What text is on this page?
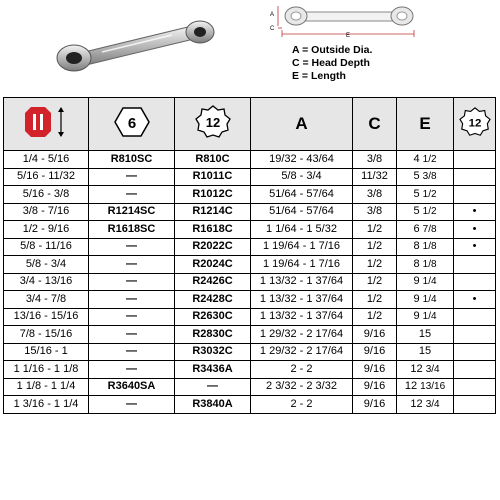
A
C
E
A = Outside Dia.
C = Head Depth
E = Length

6	12	A	C	E	12

1/4 - 5/16	R810SC	R810C	19/32 - 43/64	3/8	4 1/2	
5/16 - 11/32	—	R1011C	5/8 - 3/4	11/32	5 3/8	
5/16 - 3/8	—	R1012C	51/64 - 57/64	3/8	5 1/2	
3/8 - 7/16	R1214SC	R1214C	51/64 - 57/64	3/8	5 1/2	•
1/2 - 9/16	R1618SC	R1618C	1 1/64 - 1 5/32	1/2	6 7/8	•
5/8 - 11/16	—	R2022C	1 19/64 - 1 7/16	1/2	8 1/8	•
5/8 - 3/4	—	R2024C	1 19/64 - 1 7/16	1/2	8 1/8	
3/4 - 13/16	—	R2426C	1 13/32 - 1 37/64	1/2	9 1/4	
3/4 - 7/8	—	R2428C	1 13/32 - 1 37/64	1/2	9 1/4	•
13/16 - 15/16	—	R2630C	1 13/32 - 1 37/64	1/2	9 1/4	
7/8 - 15/16	—	R2830C	1 29/32 - 2 17/64	9/16	15	
15/16 - 1	—	R3032C	1 29/32 - 2 17/64	9/16	15	
1 1/16 - 1 1/8	—	R3436A	2 - 2	9/16	12 3/4	
1 1/8 - 1 1/4	R3640SA	—	2 3/32 - 2 3/32	9/16	12 13/16	
1 3/16 - 1 1/4	—	R3840A	2 - 2	9/16	12 3/4	
